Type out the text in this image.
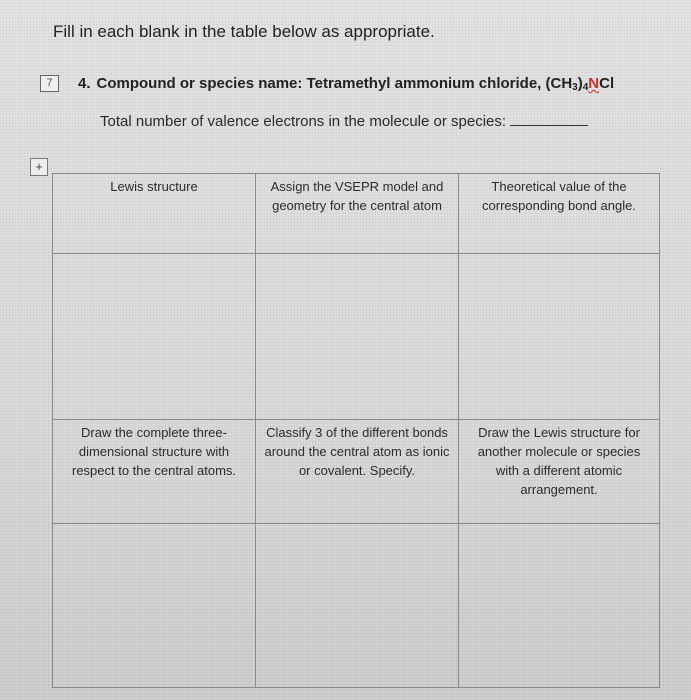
Fill in each blank in the table below as appropriate.
7	4. Compound or species name: Tetramethyl ammonium chloride, $(CH_3)_4NCl$
Total number of valence electrons in the molecule or species:
+
Lewis structure	Assign the VSEPR model and geometry for the central atom	Theoretical value of the corresponding bond angle.

Draw the complete three-dimensional structure with respect to the central atoms.	Classify 3 of the different bonds around the central atom as ionic or covalent. Specify.	Draw the Lewis structure for another molecule or species with a different atomic arrangement.
